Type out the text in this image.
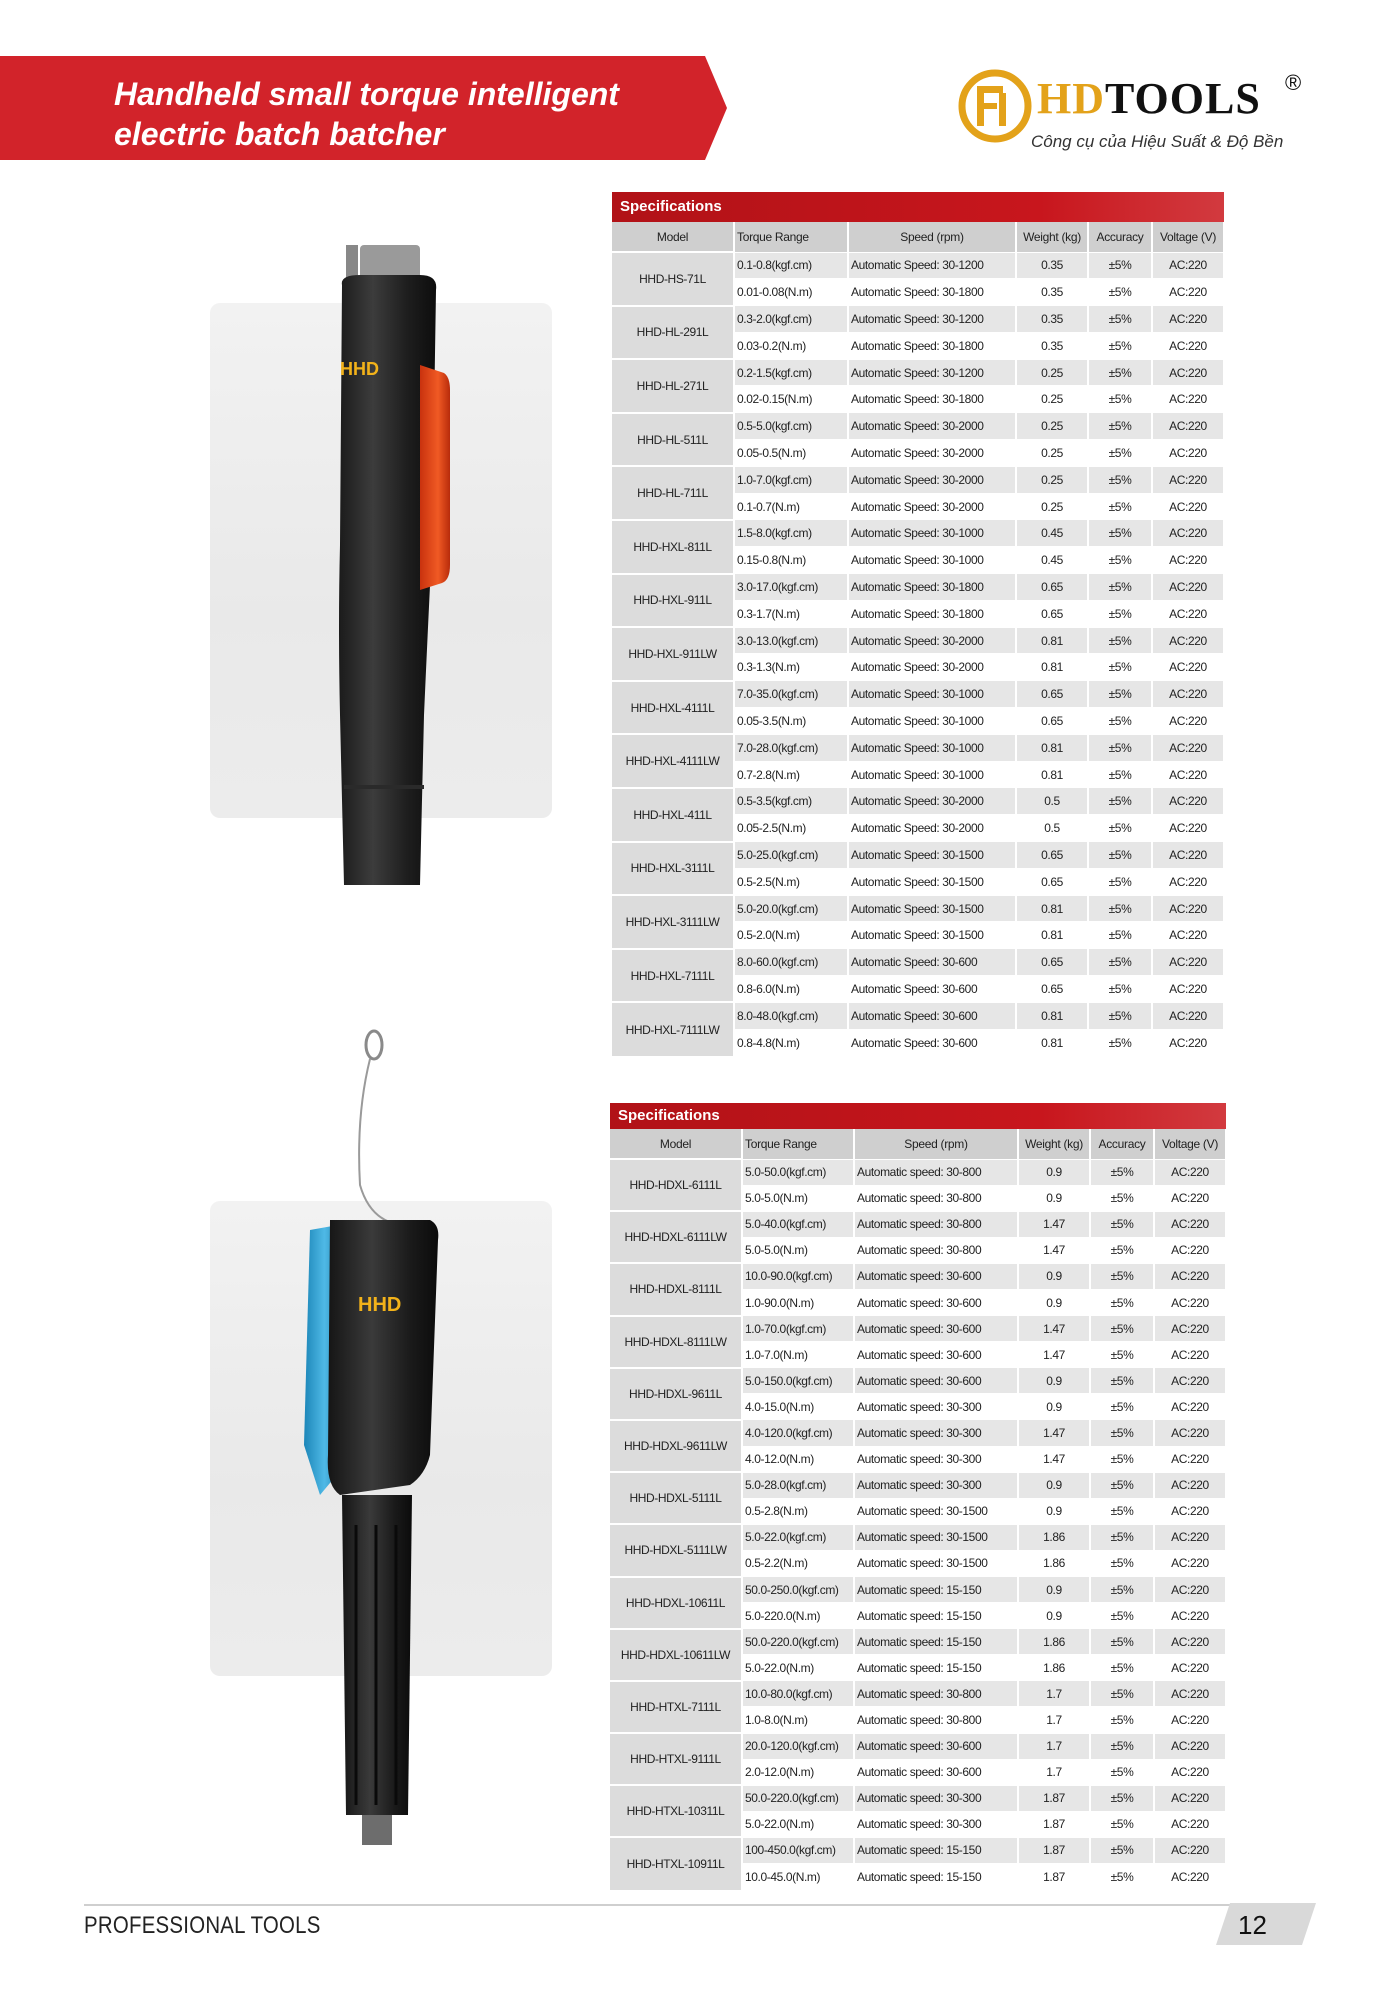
Handheld small torque intelligent
electric batch batcher
HDTOOLS ®
Công cụ của Hiệu Suất & Độ Bền
HHD
HHD
Specifications
Model	Torque Range	Speed (rpm)	Weight (kg)	Accuracy	Voltage (V)
HHD-HS-71L	0.1-0.8(kgf.cm)	Automatic Speed: 30-1200	0.35	±5%	AC:220
	0.01-0.08(N.m)	Automatic Speed: 30-1800	0.35	±5%	AC:220
HHD-HL-291L	0.3-2.0(kgf.cm)	Automatic Speed: 30-1200	0.35	±5%	AC:220
	0.03-0.2(N.m)	Automatic Speed: 30-1800	0.35	±5%	AC:220
HHD-HL-271L	0.2-1.5(kgf.cm)	Automatic Speed: 30-1200	0.25	±5%	AC:220
	0.02-0.15(N.m)	Automatic Speed: 30-1800	0.25	±5%	AC:220
HHD-HL-511L	0.5-5.0(kgf.cm)	Automatic Speed: 30-2000	0.25	±5%	AC:220
	0.05-0.5(N.m)	Automatic Speed: 30-2000	0.25	±5%	AC:220
HHD-HL-711L	1.0-7.0(kgf.cm)	Automatic Speed: 30-2000	0.25	±5%	AC:220
	0.1-0.7(N.m)	Automatic Speed: 30-2000	0.25	±5%	AC:220
HHD-HXL-811L	1.5-8.0(kgf.cm)	Automatic Speed: 30-1000	0.45	±5%	AC:220
	0.15-0.8(N.m)	Automatic Speed: 30-1000	0.45	±5%	AC:220
HHD-HXL-911L	3.0-17.0(kgf.cm)	Automatic Speed: 30-1800	0.65	±5%	AC:220
	0.3-1.7(N.m)	Automatic Speed: 30-1800	0.65	±5%	AC:220
HHD-HXL-911LW	3.0-13.0(kgf.cm)	Automatic Speed: 30-2000	0.81	±5%	AC:220
	0.3-1.3(N.m)	Automatic Speed: 30-2000	0.81	±5%	AC:220
HHD-HXL-4111L	7.0-35.0(kgf.cm)	Automatic Speed: 30-1000	0.65	±5%	AC:220
	0.05-3.5(N.m)	Automatic Speed: 30-1000	0.65	±5%	AC:220
HHD-HXL-4111LW	7.0-28.0(kgf.cm)	Automatic Speed: 30-1000	0.81	±5%	AC:220
	0.7-2.8(N.m)	Automatic Speed: 30-1000	0.81	±5%	AC:220
HHD-HXL-411L	0.5-3.5(kgf.cm)	Automatic Speed: 30-2000	0.5	±5%	AC:220
	0.05-2.5(N.m)	Automatic Speed: 30-2000	0.5	±5%	AC:220
HHD-HXL-3111L	5.0-25.0(kgf.cm)	Automatic Speed: 30-1500	0.65	±5%	AC:220
	0.5-2.5(N.m)	Automatic Speed: 30-1500	0.65	±5%	AC:220
HHD-HXL-3111LW	5.0-20.0(kgf.cm)	Automatic Speed: 30-1500	0.81	±5%	AC:220
	0.5-2.0(N.m)	Automatic Speed: 30-1500	0.81	±5%	AC:220
HHD-HXL-7111L	8.0-60.0(kgf.cm)	Automatic Speed: 30-600	0.65	±5%	AC:220
	0.8-6.0(N.m)	Automatic Speed: 30-600	0.65	±5%	AC:220
HHD-HXL-7111LW	8.0-48.0(kgf.cm)	Automatic Speed: 30-600	0.81	±5%	AC:220
	0.8-4.8(N.m)	Automatic Speed: 30-600	0.81	±5%	AC:220
Specifications
Model	Torque Range	Speed (rpm)	Weight (kg)	Accuracy	Voltage (V)
HHD-HDXL-6111L	5.0-50.0(kgf.cm)	Automatic speed: 30-800	0.9	±5%	AC:220
	5.0-5.0(N.m)	Automatic speed: 30-800	0.9	±5%	AC:220
HHD-HDXL-6111LW	5.0-40.0(kgf.cm)	Automatic speed: 30-800	1.47	±5%	AC:220
	5.0-5.0(N.m)	Automatic speed: 30-800	1.47	±5%	AC:220
HHD-HDXL-8111L	10.0-90.0(kgf.cm)	Automatic speed: 30-600	0.9	±5%	AC:220
	1.0-90.0(N.m)	Automatic speed: 30-600	0.9	±5%	AC:220
HHD-HDXL-8111LW	1.0-70.0(kgf.cm)	Automatic speed: 30-600	1.47	±5%	AC:220
	1.0-7.0(N.m)	Automatic speed: 30-600	1.47	±5%	AC:220
HHD-HDXL-9611L	5.0-150.0(kgf.cm)	Automatic speed: 30-600	0.9	±5%	AC:220
	4.0-15.0(N.m)	Automatic speed: 30-300	0.9	±5%	AC:220
HHD-HDXL-9611LW	4.0-120.0(kgf.cm)	Automatic speed: 30-300	1.47	±5%	AC:220
	4.0-12.0(N.m)	Automatic speed: 30-300	1.47	±5%	AC:220
HHD-HDXL-5111L	5.0-28.0(kgf.cm)	Automatic speed: 30-300	0.9	±5%	AC:220
	0.5-2.8(N.m)	Automatic speed: 30-1500	0.9	±5%	AC:220
HHD-HDXL-5111LW	5.0-22.0(kgf.cm)	Automatic speed: 30-1500	1.86	±5%	AC:220
	0.5-2.2(N.m)	Automatic speed: 30-1500	1.86	±5%	AC:220
HHD-HDXL-10611L	50.0-250.0(kgf.cm)	Automatic speed: 15-150	0.9	±5%	AC:220
	5.0-220.0(N.m)	Automatic speed: 15-150	0.9	±5%	AC:220
HHD-HDXL-10611LW	50.0-220.0(kgf.cm)	Automatic speed: 15-150	1.86	±5%	AC:220
	5.0-22.0(N.m)	Automatic speed: 15-150	1.86	±5%	AC:220
HHD-HTXL-7111L	10.0-80.0(kgf.cm)	Automatic speed: 30-800	1.7	±5%	AC:220
	1.0-8.0(N.m)	Automatic speed: 30-800	1.7	±5%	AC:220
HHD-HTXL-9111L	20.0-120.0(kgf.cm)	Automatic speed: 30-600	1.7	±5%	AC:220
	2.0-12.0(N.m)	Automatic speed: 30-600	1.7	±5%	AC:220
HHD-HTXL-10311L	50.0-220.0(kgf.cm)	Automatic speed: 30-300	1.87	±5%	AC:220
	5.0-22.0(N.m)	Automatic speed: 30-300	1.87	±5%	AC:220
HHD-HTXL-10911L	100-450.0(kgf.cm)	Automatic speed: 15-150	1.87	±5%	AC:220
	10.0-45.0(N.m)	Automatic speed: 15-150	1.87	±5%	AC:220
PROFESSIONAL TOOLS	12
